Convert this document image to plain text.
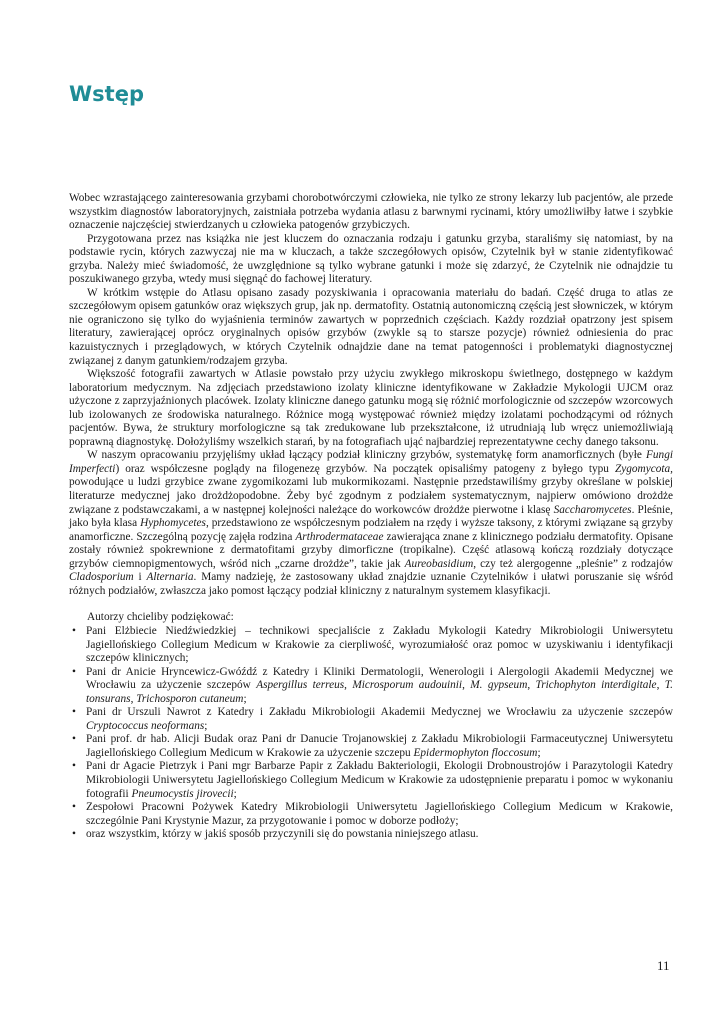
Wstęp

Wobec wzrastającego zainteresowania grzybami chorobotwórczymi człowieka, nie tylko ze strony lekarzy lub pacjentów, ale przede wszystkim diagnostów laboratoryjnych, zaistniała potrzeba wydania atlasu z barwnymi rycinami, który umożliwiłby łatwe i szybkie oznaczenie najczęściej stwierdzanych u człowieka patogenów grzybiczych.

Przygotowana przez nas książka nie jest kluczem do oznaczania rodzaju i gatunku grzyba, staraliśmy się natomiast, by na podstawie rycin, których zazwyczaj nie ma w kluczach, a także szczegółowych opisów, Czytelnik był w stanie zidentyfikować grzyba. Należy mieć świadomość, że uwzględnione są tylko wybrane gatunki i może się zdarzyć, że Czytelnik nie odnajdzie tu poszukiwanego grzyba, wtedy musi sięgnąć do fachowej literatury.

W krótkim wstępie do Atlasu opisano zasady pozyskiwania i opracowania materiału do badań. Część druga to atlas ze szczegółowym opisem gatunków oraz większych grup, jak np. dermatofity. Ostatnią autonomiczną częścią jest słowniczek, w którym nie ograniczono się tylko do wyjaśnienia terminów zawartych w poprzednich częściach. Każdy rozdział opatrzony jest spisem literatury, zawierającej oprócz oryginalnych opisów grzybów (zwykle są to starsze pozycje) również odniesienia do prac kazuistycznych i przeglądowych, w których Czytelnik odnajdzie dane na temat patogenności i problematyki diagnostycznej związanej z danym gatunkiem/rodzajem grzyba.

Większość fotografii zawartych w Atlasie powstało przy użyciu zwykłego mikroskopu świetlnego, dostępnego w każdym laboratorium medycznym. Na zdjęciach przedstawiono izolaty kliniczne identyfikowane w Zakładzie Mykologii UJCM oraz użyczone z zaprzyjaźnionych placówek. Izolaty kliniczne danego gatunku mogą się różnić morfologicznie od szczepów wzorcowych lub izolowanych ze środowiska naturalnego. Różnice mogą występować również między izolatami pochodzącymi od różnych pacjentów. Bywa, że struktury morfologiczne są tak zredukowane lub przekształcone, iż utrudniają lub wręcz uniemożliwiają poprawną diagnostykę. Dołożyliśmy wszelkich starań, by na fotografiach ująć najbardziej reprezentatywne cechy danego taksonu.

W naszym opracowaniu przyjęliśmy układ łączący podział kliniczny grzybów, systematykę form anamorficznych (byłe Fungi Imperfecti) oraz współczesne poglądy na filogenezę grzybów. Na początek opisaliśmy patogeny z byłego typu Zygomycota, powodujące u ludzi grzybice zwane zygomikozami lub mukormikozami. Następnie przedstawiliśmy grzyby określane w polskiej literaturze medycznej jako drożdżopodobne. Żeby być zgodnym z podziałem systematycznym, najpierw omówiono drożdże związane z podstawczakami, a w następnej kolejności należące do workowców drożdże pierwotne i klasę Saccharomycetes. Pleśnie, jako była klasa Hyphomycetes, przedstawiono ze współczesnym podziałem na rzędy i wyższe taksony, z którymi związane są grzyby anamorficzne. Szczególną pozycję zajęła rodzina Arthrodermataceae zawierająca znane z klinicznego podziału dermatofity. Opisane zostały również spokrewnione z dermatofitami grzyby dimorficzne (tropikalne). Część atlasową kończą rozdziały dotyczące grzybów ciemnopigmentowych, wśród nich „czarne drożdże”, takie jak Aureobasidium, czy też alergogenne „pleśnie” z rodzajów Cladosporium i Alternaria. Mamy nadzieję, że zastosowany układ znajdzie uznanie Czytelników i ułatwi poruszanie się wśród różnych podziałów, zwłaszcza jako pomost łączący podział kliniczny z naturalnym systemem klasyfikacji.

Autorzy chcieliby podziękować:

• Pani Elżbiecie Niedźwiedzkiej – technikowi specjaliście z Zakładu Mykologii Katedry Mikrobiologii Uniwersytetu Jagiellońskiego Collegium Medicum w Krakowie za cierpliwość, wyrozumiałość oraz pomoc w uzyskiwaniu i identyfikacji szczepów klinicznych;
• Pani dr Anicie Hryncewicz-Gwóźdź z Katedry i Kliniki Dermatologii, Wenerologii i Alergologii Akademii Medycznej we Wrocławiu za użyczenie szczepów Aspergillus terreus, Microsporum audouinii, M. gypseum, Trichophyton interdigitale, T. tonsurans, Trichosporon cutaneum;
• Pani dr Urszuli Nawrot z Katedry i Zakładu Mikrobiologii Akademii Medycznej we Wrocławiu za użyczenie szczepów Cryptococcus neoformans;
• Pani prof. dr hab. Alicji Budak oraz Pani dr Danucie Trojanowskiej z Zakładu Mikrobiologii Farmaceutycznej Uniwersytetu Jagiellońskiego Collegium Medicum w Krakowie za użyczenie szczepu Epidermophyton floccosum;
• Pani dr Agacie Pietrzyk i Pani mgr Barbarze Papir z Zakładu Bakteriologii, Ekologii Drobnoustrojów i Parazytologii Katedry Mikrobiologii Uniwersytetu Jagiellońskiego Collegium Medicum w Krakowie za udostępnienie preparatu i pomoc w wykonaniu fotografii Pneumocystis jirovecii;
• Zespołowi Pracowni Pożywek Katedry Mikrobiologii Uniwersytetu Jagiellońskiego Collegium Medicum w Krakowie, szczególnie Pani Krystynie Mazur, za przygotowanie i pomoc w doborze podłoży;
• oraz wszystkim, którzy w jakiś sposób przyczynili się do powstania niniejszego atlasu.
11
